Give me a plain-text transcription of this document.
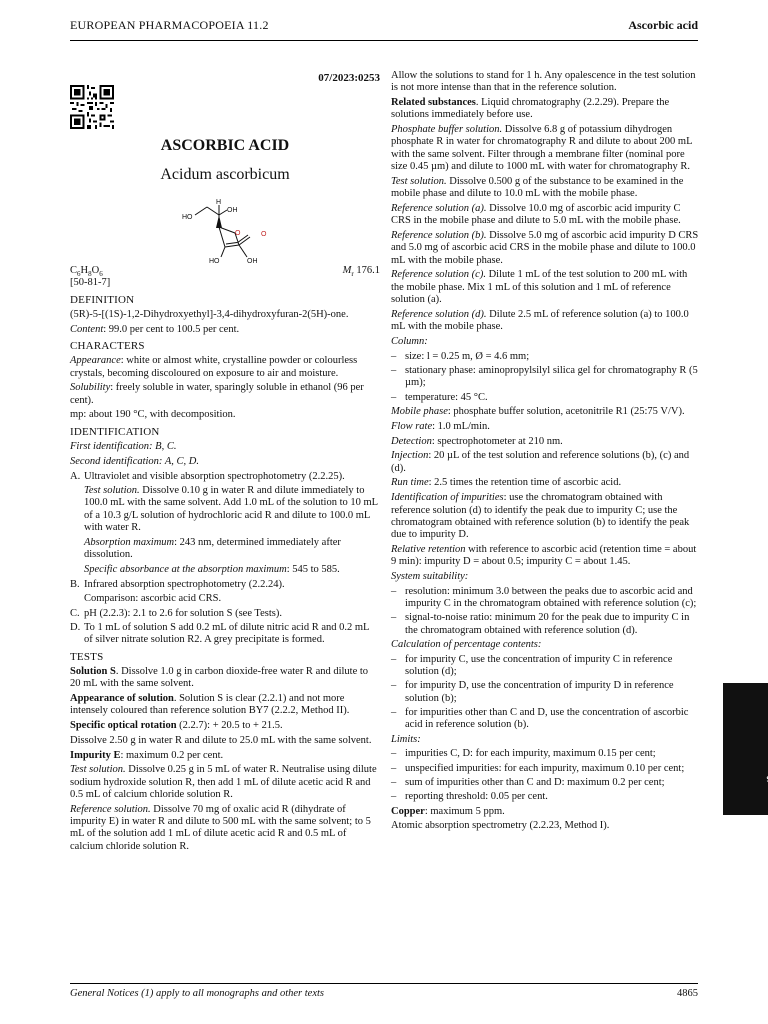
EUROPEAN PHARMACOPOEIA 11.2	Ascorbic acid
07/2023:0253
ASCORBIC ACID
Acidum ascorbicum
H
OH
HO
O	O
HO	OH
$C_6H_8O_6$	$M_r$ 176.1
[50-81-7]
DEFINITION
(5R)-5-[(1S)-1,2-Dihydroxyethyl]-3,4-dihydroxyfuran-2(5H)-one.
Content: 99.0 per cent to 100.5 per cent.
CHARACTERS
Appearance: white or almost white, crystalline powder or colourless crystals, becoming discoloured on exposure to air and moisture.
Solubility: freely soluble in water, sparingly soluble in ethanol (96 per cent).
mp: about 190 °C, with decomposition.
IDENTIFICATION
First identification: B, C.
Second identification: A, C, D.
A. Ultraviolet and visible absorption spectrophotometry (2.2.25).
Test solution. Dissolve 0.10 g in water R and dilute immediately to 100.0 mL with the same solvent. Add 1.0 mL of the solution to 10 mL of a 10.3 g/L solution of hydrochloric acid R and dilute to 100.0 mL with water R.
Absorption maximum: 243 nm, determined immediately after dissolution.
Specific absorbance at the absorption maximum: 545 to 585.
B. Infrared absorption spectrophotometry (2.2.24).
Comparison: ascorbic acid CRS.
C. pH (2.2.3): 2.1 to 2.6 for solution S (see Tests).
D. To 1 mL of solution S add 0.2 mL of dilute nitric acid R and 0.2 mL of silver nitrate solution R2. A grey precipitate is formed.
TESTS
Solution S. Dissolve 1.0 g in carbon dioxide-free water R and dilute to 20 mL with the same solvent.
Appearance of solution. Solution S is clear (2.2.1) and not more intensely coloured than reference solution BY7 (2.2.2, Method II).
Specific optical rotation (2.2.7): + 20.5 to + 21.5.
Dissolve 2.50 g in water R and dilute to 25.0 mL with the same solvent.
Impurity E: maximum 0.2 per cent.
Test solution. Dissolve 0.25 g in 5 mL of water R. Neutralise using dilute sodium hydroxide solution R, then add 1 mL of dilute acetic acid R and 0.5 mL of calcium chloride solution R.
Reference solution. Dissolve 70 mg of oxalic acid R (dihydrate of impurity E) in water R and dilute to 500 mL with the same solvent; to 5 mL of the solution add 1 mL of dilute acetic acid R and 0.5 mL of calcium chloride solution R.
Allow the solutions to stand for 1 h. Any opalescence in the test solution is not more intense than that in the reference solution.
Related substances. Liquid chromatography (2.2.29). Prepare the solutions immediately before use.
Phosphate buffer solution. Dissolve 6.8 g of potassium dihydrogen phosphate R in water for chromatography R and dilute to about 200 mL with the same solvent. Filter through a membrane filter (nominal pore size 0.45 µm) and dilute to 1000 mL with water for chromatography R.
Test solution. Dissolve 0.500 g of the substance to be examined in the mobile phase and dilute to 10.0 mL with the mobile phase.
Reference solution (a). Dissolve 10.0 mg of ascorbic acid impurity C CRS in the mobile phase and dilute to 5.0 mL with the mobile phase.
Reference solution (b). Dissolve 5.0 mg of ascorbic acid impurity D CRS and 5.0 mg of ascorbic acid CRS in the mobile phase and dilute to 100.0 mL with the mobile phase.
Reference solution (c). Dilute 1 mL of the test solution to 200 mL with the mobile phase. Mix 1 mL of this solution and 1 mL of reference solution (a).
Reference solution (d). Dilute 2.5 mL of reference solution (a) to 100.0 mL with the mobile phase.
Column:
– size: l = 0.25 m, Ø = 4.6 mm;
– stationary phase: aminopropylsilyl silica gel for chromatography R (5 µm);
– temperature: 45 °C.
Mobile phase: phosphate buffer solution, acetonitrile R1 (25:75 V/V).
Flow rate: 1.0 mL/min.
Detection: spectrophotometer at 210 nm.
Injection: 20 µL of the test solution and reference solutions (b), (c) and (d).
Run time: 2.5 times the retention time of ascorbic acid.
Identification of impurities: use the chromatogram obtained with reference solution (d) to identify the peak due to impurity C; use the chromatogram obtained with reference solution (b) to identify the peak due to impurity D.
Relative retention with reference to ascorbic acid (retention time = about 9 min): impurity D = about 0.5; impurity C = about 1.45.
System suitability:
– resolution: minimum 3.0 between the peaks due to ascorbic acid and impurity C in the chromatogram obtained with reference solution (c);
– signal-to-noise ratio: minimum 20 for the peak due to impurity C in the chromatogram obtained with reference solution (d).
Calculation of percentage contents:
– for impurity C, use the concentration of impurity C in reference solution (d);
– for impurity D, use the concentration of impurity D in reference solution (b);
– for impurities other than C and D, use the concentration of ascorbic acid in reference solution (b).
Limits:
– impurities C, D: for each impurity, maximum 0.15 per cent;
– unspecified impurities: for each impurity, maximum 0.10 per cent;
– sum of impurities other than C and D: maximum 0.2 per cent;
– reporting threshold: 0.05 per cent.
Copper: maximum 5 ppm.
Atomic absorption spectrometry (2.2.23, Method I).

General Notices (1) apply to all monographs and other texts	4865
